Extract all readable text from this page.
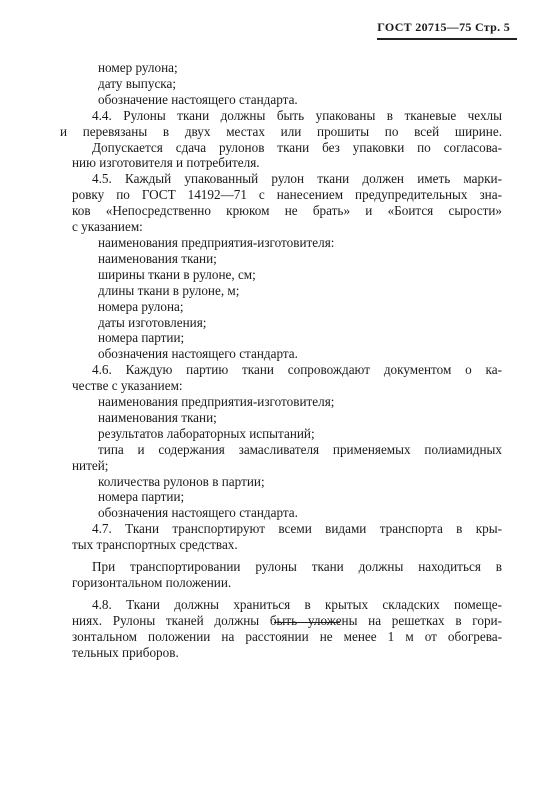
ГОСТ 20715—75 Стр. 5
номер рулона;
дату выпуска;
обозначение настоящего стандарта.
4.4. Рулоны ткани должны быть упакованы в тканевые чехлы
и перевязаны в двух местах или прошиты по всей ширине.
Допускается сдача рулонов ткани без упаковки по согласова-
нию изготовителя и потребителя.
4.5. Каждый упакованный рулон ткани должен иметь марки-
ровку по ГОСТ 14192—71 с нанесением предупредительных зна-
ков «Непосредственно крюком не брать» и «Боится сырости»
с указанием:
наименования предприятия-изготовителя:
наименования ткани;
ширины ткани в рулоне, см;
длины ткани в рулоне, м;
номера рулона;
даты изготовления;
номера партии;
обозначения настоящего стандарта.
4.6. Каждую партию ткани сопровождают документом о ка-
честве с указанием:
наименования предприятия-изготовителя;
наименования ткани;
результатов лабораторных испытаний;
типа и содержания замасливателя применяемых полиамидных
нитей;
количества рулонов в партии;
номера партии;
обозначения настоящего стандарта.
4.7. Ткани транспортируют всеми видами транспорта в кры-
тых транспортных средствах.
При транспортировании рулоны ткани должны находиться в
горизонтальном положении.
4.8. Ткани должны храниться в крытых складских помеще-
ниях. Рулоны тканей должны быть уложены на решетках в гори-
зонтальном положении на расстоянии не менее 1 м от обогрева-
тельных приборов.
